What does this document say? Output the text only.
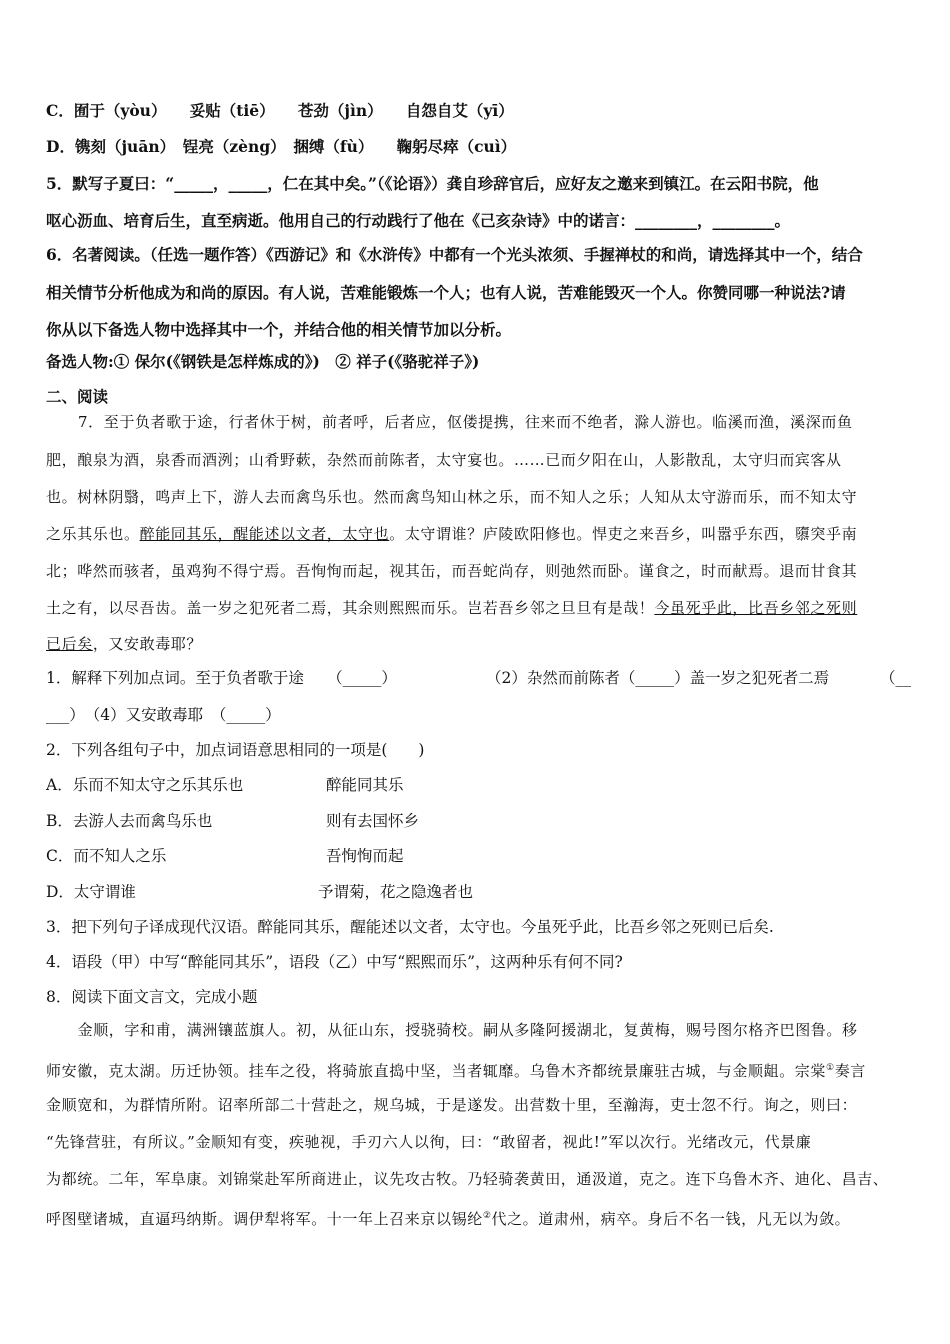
C．囿于（yòu）　　妥贴（tiē）　　苍劲（jìn）　　自怨自艾（yī）
D．镌刻（juān）　锃亮（zèng）　捆缚（fù）　　鞠躬尽瘁（cuì）
5．默写子夏曰：“_____，_____，仁在其中矣。”（《论语》）龚自珍辞官后，应好友之邀来到镇江。在云阳书院，他
呕心沥血、培育后生，直至病逝。他用自己的行动践行了他在《己亥杂诗》中的诺言：________，________。
6．名著阅读。（任选一题作答）《西游记》和《水浒传》中都有一个光头浓须、手握禅杖的和尚，请选择其中一个，结合
相关情节分析他成为和尚的原因。有人说，苦难能锻炼一个人；也有人说，苦难能毁灭一个人。你赞同哪一种说法?请
你从以下备选人物中选择其中一个，并结合他的相关情节加以分析。
备选人物:① 保尔(《钢铁是怎样炼成的》)　② 祥子(《骆驼祥子》)
二、阅读
7．至于负者歌于途，行者休于树，前者呼，后者应，伛偻提携，往来而不绝者，滁人游也。临溪而渔，溪深而鱼
肥，酿泉为酒，泉香而酒洌；山肴野蔌，杂然而前陈者，太守宴也。……已而夕阳在山，人影散乱，太守归而宾客从
也。树林阴翳，鸣声上下，游人去而禽鸟乐也。然而禽鸟知山林之乐，而不知人之乐；人知从太守游而乐，而不知太守
之乐其乐也。醉能同其乐，醒能述以文者，太守也。太守谓谁？庐陵欧阳修也。悍吏之来吾乡，叫嚣乎东西，隳突乎南
北；哗然而骇者，虽鸡狗不得宁焉。吾恂恂而起，视其缶，而吾蛇尚存，则弛然而卧。谨食之，时而献焉。退而甘食其
土之有，以尽吾齿。盖一岁之犯死者二焉，其余则熙熙而乐。岂若吾乡邻之旦旦有是哉！今虽死乎此，比吾乡邻之死则
已后矣，又安敢毒耶？
1．解释下列加点词。至于负者歌于途　　（_____）	（2）杂然而前陈者（_____）盖一岁之犯死者二焉	（__
___）　（4）又安敢毒耶　（_____）
2．下列各组句子中，加点词语意思相同的一项是(　　)
A．乐而不知太守之乐其乐也	醉能同其乐
B．去游人去而禽鸟乐也	则有去国怀乡
C．而不知人之乐	吾恂恂而起
D．太守谓谁	予谓菊，花之隐逸者也
3．把下列句子译成现代汉语。醉能同其乐，醒能述以文者，太守也。今虽死乎此，比吾乡邻之死则已后矣.
4．语段（甲）中写“醉能同其乐”，语段（乙）中写“熙熙而乐”，这两种乐有何不同?
8．阅读下面文言文，完成小题
　金顺，字和甫，满洲镶蓝旗人。初，从征山东，授骁骑校。嗣从多隆阿援湖北，复黄梅，赐号图尔格齐巴图鲁。移
师安徽，克太湖。历迁协领。挂车之役，将骑旅直捣中坚，当者辄靡。乌鲁木齐都统景廉驻古城，与金顺龃。宗棠①奏言
金顺宽和，为群情所附。诏率所部二十营赴之，规乌城，于是遂发。出营数十里，至瀚海，吏士忽不行。询之，则曰：
“先锋营驻，有所议。”金顺知有变，疾驰视，手刃六人以徇，曰：“敢留者，视此!”军以次行。光绪改元，代景廉
为都统。二年，军阜康。刘锦棠赴军所商进止，议先攻古牧。乃轻骑袭黄田，通汲道，克之。连下乌鲁木齐、迪化、昌吉、
呼图壁诸城，直逼玛纳斯。调伊犁将军。十一年上召来京以锡纶②代之。道肃州，病卒。身后不名一钱，凡无以为敛。
